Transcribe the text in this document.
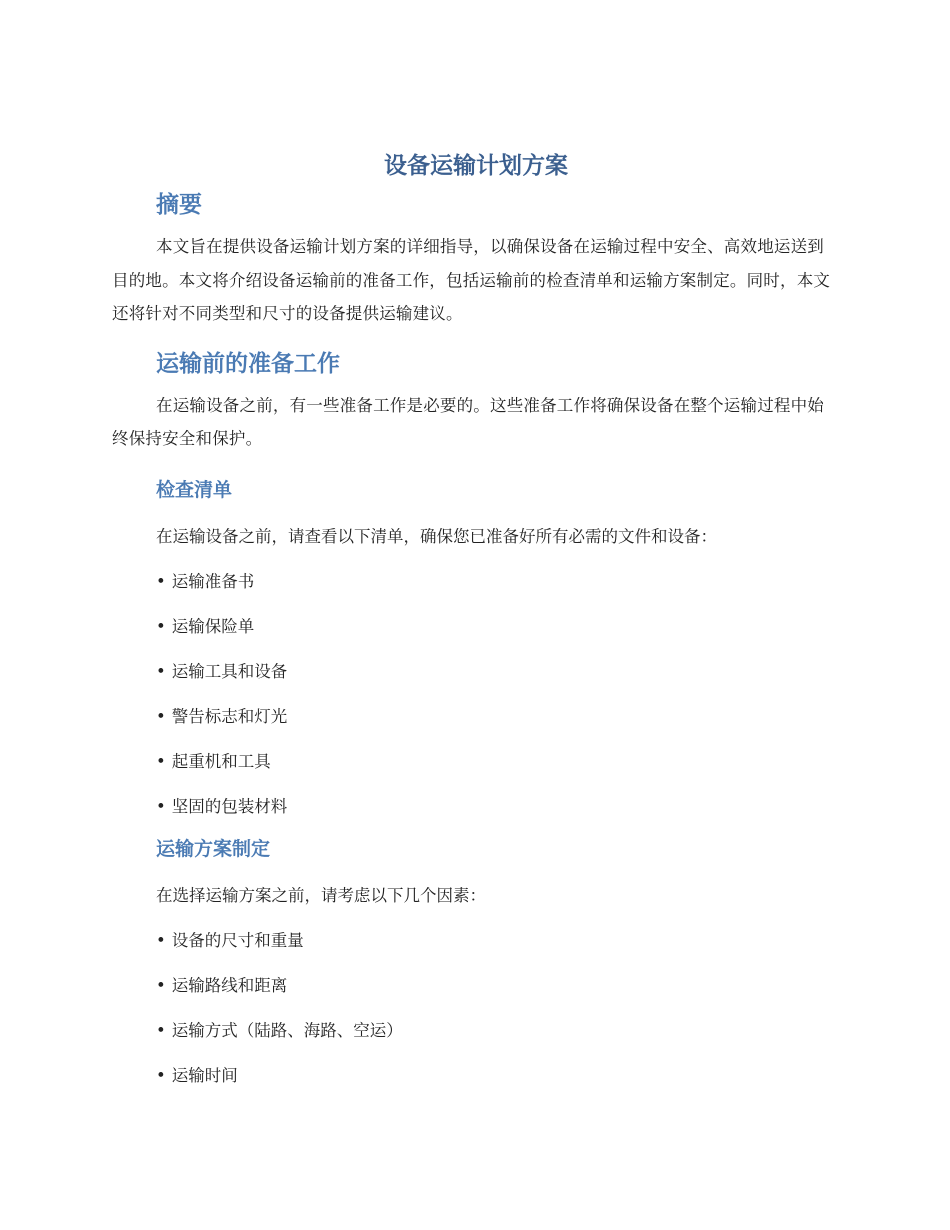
设备运输计划方案
摘要

本文旨在提供设备运输计划方案的详细指导，以确保设备在运输过程中安全、高效地运送到目的地。本文将介绍设备运输前的准备工作，包括运输前的检查清单和运输方案制定。同时，本文还将针对不同类型和尺寸的设备提供运输建议。

运输前的准备工作

在运输设备之前，有一些准备工作是必要的。这些准备工作将确保设备在整个运输过程中始终保持安全和保护。

检查清单

在运输设备之前，请查看以下清单，确保您已准备好所有必需的文件和设备：

• 运输准备书
• 运输保险单
• 运输工具和设备
• 警告标志和灯光
• 起重机和工具
• 坚固的包装材料
运输方案制定

在选择运输方案之前，请考虑以下几个因素：

• 设备的尺寸和重量
• 运输路线和距离
• 运输方式（陆路、海路、空运）
• 运输时间
